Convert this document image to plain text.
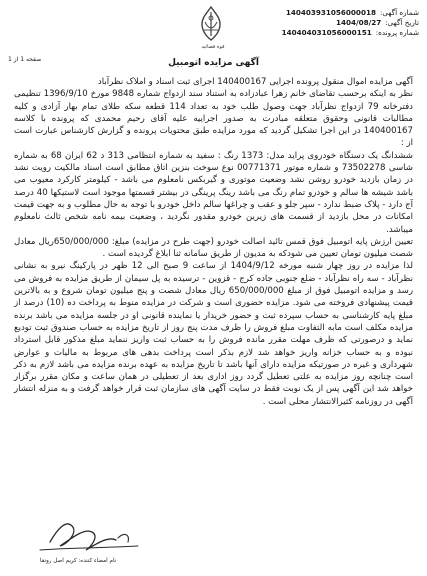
قوه قضائیه
شماره آگهی:
140403931056000018
تاریخ آگهی:
1404/08/27
شماره پرونده:
140404031056000151
صفحه 1 از 1	آگهی مزایده اتومبیل

آگهی مزایده اموال منقول پرونده اجرایی 140400167 اجرای ثبت اسناد و املاک نظرآباد

نظر به اینکه برحسب تقاضای خانم زهرا عبادزاده به استناد سند ازدواج شماره 9848 مورخ 1396/9/10 تنظیمی دفترخانه 79 ازدواج نظرآباد جهت وصول طلب خود به تعداد 114 قطعه سکه طلای تمام بهار آزادی و کلیه مطالبات قانونی وحقوق متعلقه مبادرت به صدور اجراییه علیه آقای رحیم محمدی که پرونده با کلاسه 140400167 در این اجرا تشکیل گردید که مورد مزایده طبق محتویات پرونده و گزارش کارشناس عبارت است از :

ششدانگ یک دستگاه خودروی پراید مدل: 1373 رنگ : سفید به شماره انتظامی 313 د 62 ایران 68 به شماره شاسی 73502278 و شماره موتور 00771371 نوع سوخت بنزین اتاق مطابق است اسناد مالکیت رویت نشد در زمان بازدید خودرو روشن نشد وضعیت موتوری و گیربکس نامعلوم می باشد - کیلومتر کارکرد معیوب می باشد شیشه ها سالم و خودرو تمام رنگ می باشد رینگ پرینگی در بیشتر قسمتها موجود است لاستیکها 40 درصد آج دارد - پلاک ضبط ندارد - سپر جلو و عقب و چراغها سالم داخل خودرو با توجه به حال مطلوب و به جهت قیمت امکانات در محل بازدید از قسمت های زیرین خودرو مقدور نگردید ، وضعیت بیمه نامه شخص ثالث نامعلوم میباشد.

تعیین ارزش پایه اتومبیل فوق قمس تائید اصالت خودرو (جهت طرح در مزایده) مبلغ: 650/000/000ریال معادل شصت میلیون تومان تعیین می شودکه به مدیون از طریق سامانه ثنا ابلاغ گردیده است .

لذا مزایده در روز چهار شنبه مورخه 1404/9/12 از ساعت 9 صبح الی 12 ظهر در پارکینگ نیرو به نشانی نظرآباد - سه راه نظرآباد - ضلع جنوبی جاده کرج - قزوین - ترسیده به پل سیمان از طریق مزایده به فروش می رسد و مزایده اتومبیل فوق از مبلغ 650/000/000 ریال معادل شصت و پنج میلیون تومان شروع و به بالاترین قیمت پیشنهادی فروخته می شود. مزایده حضوری است و شرکت در مزایده منوط به پرداخت ده (10) درصد از مبلغ پایه کارشناسی به حساب سپرده ثبت و حضور خریدار یا نماینده قانونی او در جلسه مزایده می باشد برنده مزایده مکلف است مابه التفاوت مبلغ فروش را ظرف مدت پنج روز از تاریخ مزایده به حساب صندوق ثبت تودیع نماید و درصورتی که ظرف مهلت مقرر مانده فروش را به حساب ثبت واریز ننماید مبلغ مذکور قابل استرداد نبوده و به حساب خزانه واریز خواهد شد لازم بذکر است پرداخت بدهی های مربوط به مالیات و عوارض شهرداری و غیره در صورتیکه مزایده دارای آنها باشد تا تاریخ مزایده به عهده برنده مزایده می باشد لازم به ذکر است چنانچه روز مزایده به علتی تعطیل گردد روز اداری بعد از تعطیلی در همان ساعت و مکان مقرر برگزار خواهد شد این آگهی پس از یک نوبت فقط در سایت آگهی های سازمان ثبت قرار خواهد گرفت و به منزله انتشار آگهی در روزنامه کثیرالانتشار محلی است .

نام امضاء کننده: کریم اصل رونقا
